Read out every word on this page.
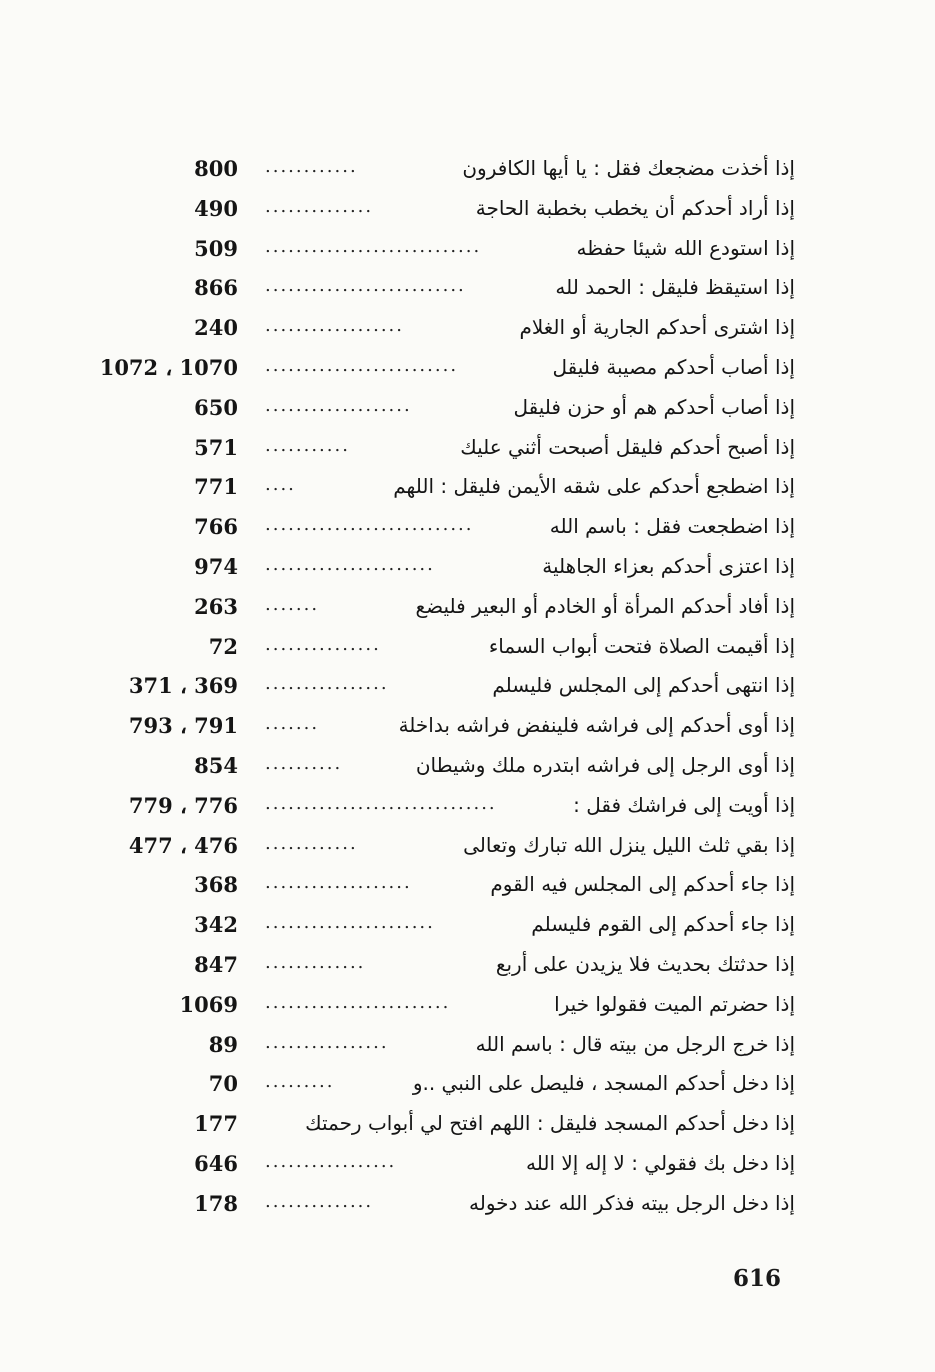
إذا أخذت مضجعك فقل : يا أيها الكافرون
............
800
إذا أراد أحدكم أن يخطب بخطبة الحاجة
..............
490
إذا استودع الله شيئا حفظه
............................
509
إذا استيقظ فليقل : الحمد لله
..........................
866
إذا اشترى أحدكم الجارية أو الغلام
..................
240
إذا أصاب أحدكم مصيبة فليقل
.........................
1072 ، 1070
إذا أصاب أحدكم هم أو حزن فليقل
...................
650
إذا أصبح أحدكم فليقل أصبحت أثني عليك
...........
571
إذا اضطجع أحدكم على شقه الأيمن فليقل : اللهم
....
771
إذا اضطجعت فقل : باسم الله
...........................
766
إذا اعتزى أحدكم بعزاء الجاهلية
......................
974
إذا أفاد أحدكم المرأة أو الخادم أو البعير فليضع
.......
263
إذا أقيمت الصلاة فتحت أبواب السماء
...............
72
إذا انتهى أحدكم إلى المجلس فليسلم
................
371 ، 369
إذا أوى أحدكم إلى فراشه فلينفض فراشه بداخلة
.......
793 ، 791
إذا أوى الرجل إلى فراشه ابتدره ملك وشيطان
..........
854
إذا أويت إلى فراشك فقل :
..............................
779 ، 776
إذا بقي ثلث الليل ينزل الله تبارك وتعالى
............
477 ، 476
إذا جاء أحدكم إلى المجلس فيه القوم
...................
368
إذا جاء أحدكم إلى القوم فليسلم
......................
342
إذا حدثتك بحديث فلا يزيدن على أربع
.............
847
إذا حضرتم الميت فقولوا خيرا
........................
1069
إذا خرج الرجل من بيته قال : باسم الله
................
89
إذا دخل أحدكم المسجد ، فليصل على النبي ..و
.........
70
إذا دخل أحدكم المسجد فليقل : اللهم افتح لي أبواب رحمتك
177
إذا دخل بك فقولي : لا إله إلا الله
.................
646
إذا دخل الرجل بيته فذكر الله عند دخوله
..............
178
616
